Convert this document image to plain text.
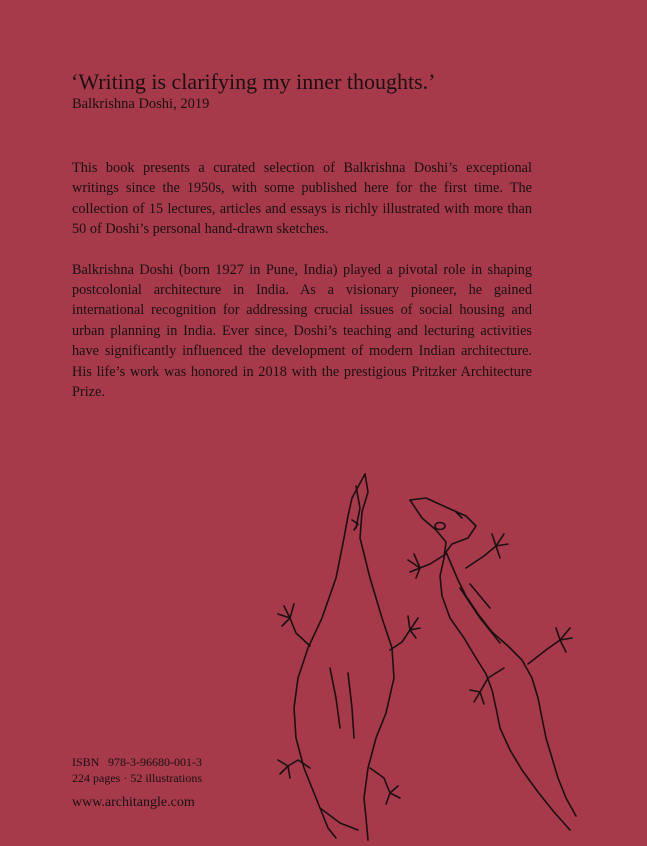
‘Writing is clarifying my inner thoughts.’
Balkrishna Doshi, 2019

This book presents a curated selection of Balkrishna Doshi’s exceptional writings since the 1950s, with some published here for the first time. The collection of 15 lectures, articles and essays is richly illustrated with more than 50 of Doshi’s personal hand-drawn sketches.

Balkrishna Doshi (born 1927 in Pune, India) played a pivotal role in shaping postcolonial architecture in India. As a visionary pioneer, he gained international recognition for addressing crucial issues of social housing and urban planning in India. Ever since, Doshi’s teaching and lecturing activities have significantly influenced the development of modern Indian architecture. His life’s work was honored in 2018 with the prestigious Pritzker Architecture Prize.

ISBN 978-3-96680-001-3
224 pages · 52 illustrations
www.architangle.com
